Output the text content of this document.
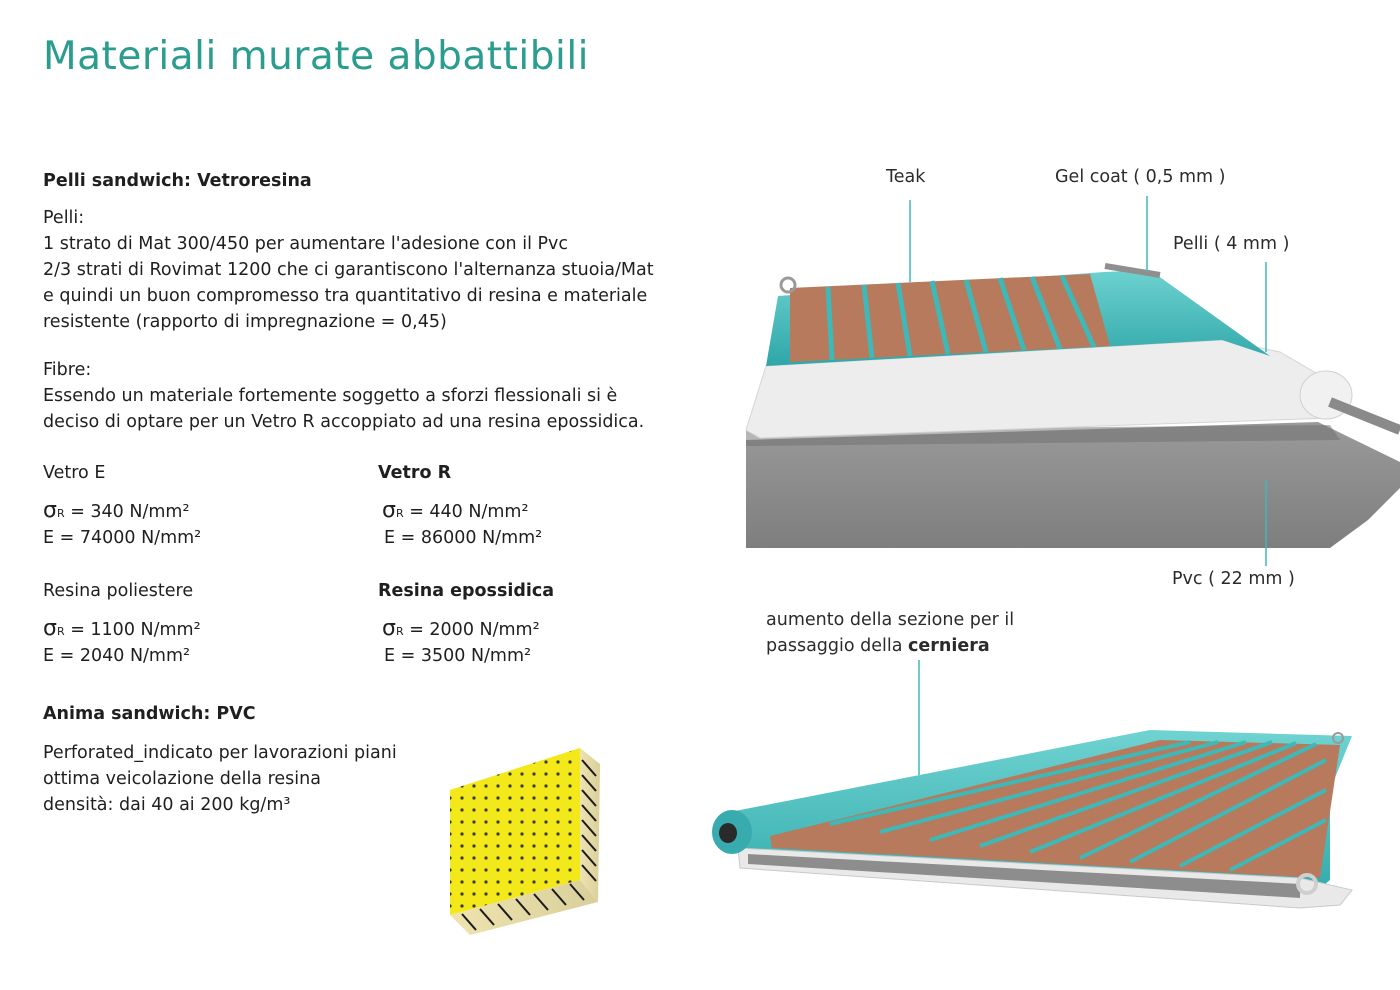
Materiali murate abbattibili
Pelli sandwich: Vetroresina
Pelli:
1 strato di Mat 300/450 per aumentare l'adesione con il Pvc
2/3 strati di Rovimat 1200 che ci garantiscono l'alternanza stuoia/Mat
e quindi un buon compromesso tra quantitativo di resina e materiale
resistente (rapporto di impregnazione = 0,45)
Fibre:
Essendo un materiale fortemente soggetto a sforzi flessionali si è
deciso di optare per un Vetro R accoppiato ad una resina epossidica.
Vetro E
σR = 340 N/mm²
E = 74000 N/mm²
Vetro R
σR = 440 N/mm²
E = 86000 N/mm²
Resina poliestere
σR = 1100 N/mm²
E = 2040 N/mm²
Resina epossidica
σR = 2000 N/mm²
E = 3500 N/mm²
Anima sandwich: PVC
Perforated_indicato per lavorazioni piani
ottima veicolazione della resina
densità: dai 40 ai 200 kg/m³
Teak	Gel coat ( 0,5 mm )
Pelli ( 4 mm )
Pvc ( 22 mm )
aumento della sezione per il
passaggio della cerniera
